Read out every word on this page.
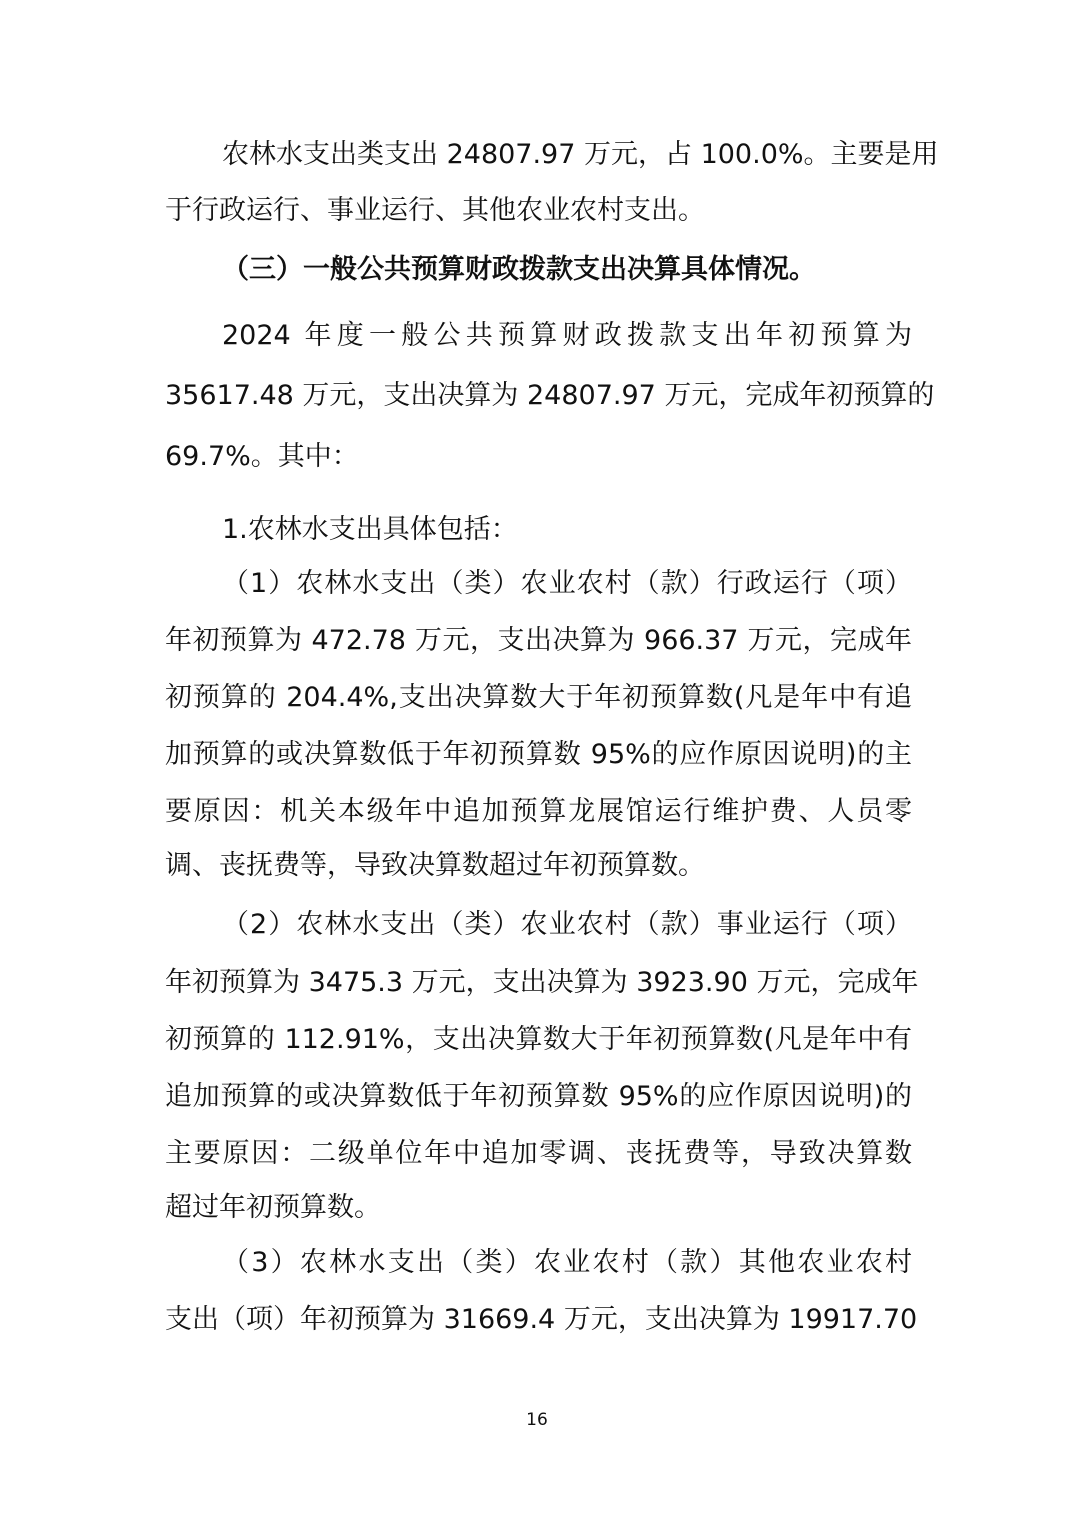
农林水支出类支出 24807.97 万元，占 100.0%。主要是用
于行政运行、事业运行、其他农业农村支出。
（三）一般公共预算财政拨款支出决算具体情况。
2024 年度一般公共预算财政拨款支出年初预算为
35617.48 万元，支出决算为 24807.97 万元，完成年初预算的
69.7%。其中：
1.农林水支出具体包括：
（1）农林水支出（类）农业农村（款）行政运行（项）
年初预算为 472.78 万元，支出决算为 966.37 万元，完成年
初预算的 204.4%,支出决算数大于年初预算数(凡是年中有追
加预算的或决算数低于年初预算数 95%的应作原因说明)的主
要原因：机关本级年中追加预算龙展馆运行维护费、人员零
调、丧抚费等，导致决算数超过年初预算数。
（2）农林水支出（类）农业农村（款）事业运行（项）
年初预算为 3475.3 万元，支出决算为 3923.90 万元，完成年
初预算的 112.91%，支出决算数大于年初预算数(凡是年中有
追加预算的或决算数低于年初预算数 95%的应作原因说明)的
主要原因：二级单位年中追加零调、丧抚费等，导致决算数
超过年初预算数。
（3）农林水支出（类）农业农村（款）其他农业农村
支出（项）年初预算为 31669.4 万元，支出决算为 19917.70
16
